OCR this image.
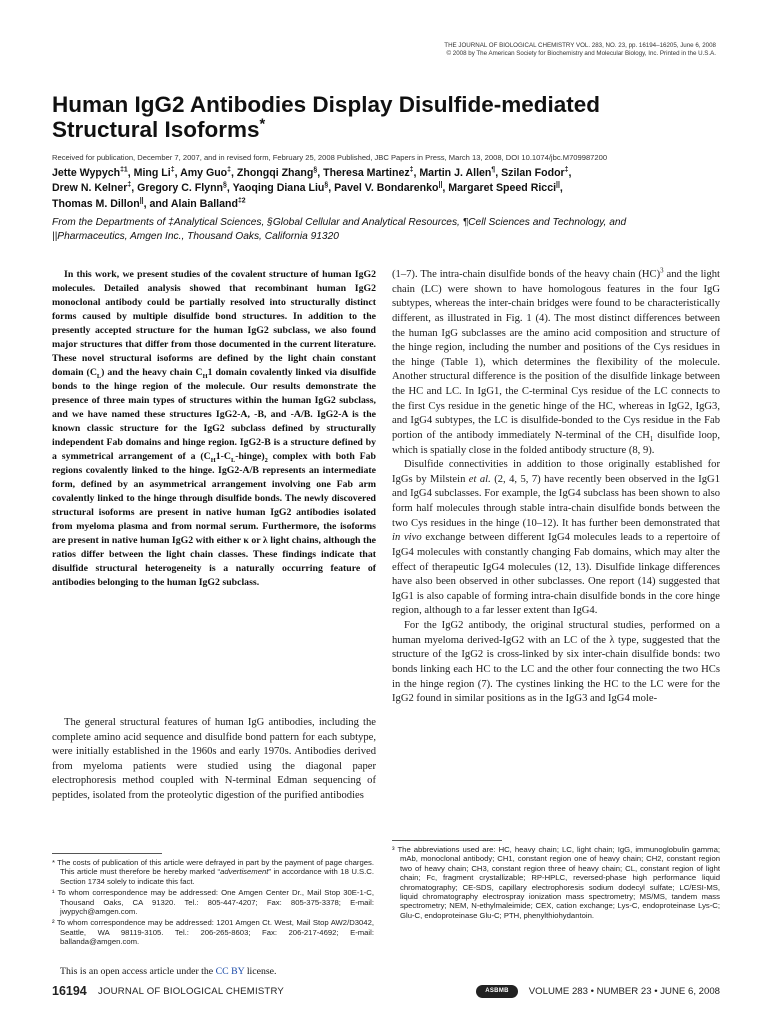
THE JOURNAL OF BIOLOGICAL CHEMISTRY VOL. 283, NO. 23, pp. 16194–16205, June 6, 2008
© 2008 by The American Society for Biochemistry and Molecular Biology, Inc. Printed in the U.S.A.
Human IgG2 Antibodies Display Disulfide-mediated
Structural Isoforms*
Received for publication, December 7, 2007, and in revised form, February 25, 2008 Published, JBC Papers in Press, March 13, 2008, DOI 10.1074/jbc.M709987200
Jette Wypych$^{\ddagger 1}$, Ming Li‡, Amy Guo‡, Zhongqi Zhang§, Theresa Martinez‡, Martin J. Allen¶, Szilan Fodor‡,
Drew N. Kelner‡, Gregory C. Flynn§, Yaoqing Diana Liu§, Pavel V. Bondarenko||, Margaret Speed Ricci||,
Thomas M. Dillon||, and Alain Balland$^{\ddagger 2}$
From the Departments of ‡Analytical Sciences, §Global Cellular and Analytical Resources, ¶Cell Sciences and Technology, and
||Pharmaceutics, Amgen Inc., Thousand Oaks, California 91320

In this work, we present studies of the covalent structure of human IgG2 molecules. Detailed analysis showed that recombinant human IgG2 monoclonal antibody could be partially resolved into structurally distinct forms caused by multiple disulfide bond structures. In addition to the presently accepted structure for the human IgG2 subclass, we also found major structures that differ from those documented in the current literature. These novel structural isoforms are defined by the light chain constant domain $(C_L)$ and the heavy chain $C_H1$ domain covalently linked via disulfide bonds to the hinge region of the molecule. Our results demonstrate the presence of three main types of structures within the human IgG2 subclass, and we have named these structures IgG2-A, -B, and -A/B. IgG2-A is the known classic structure for the IgG2 subclass defined by structurally independent Fab domains and hinge region. IgG2-B is a structure defined by a symmetrical arrangement of a $(C_H1-C_L-hinge)_2$ complex with both Fab regions covalently linked to the hinge. IgG2-A/B represents an intermediate form, defined by an asymmetrical arrangement involving one Fab arm covalently linked to the hinge through disulfide bonds. The newly discovered structural isoforms are present in native human IgG2 antibodies isolated from myeloma plasma and from normal serum. Furthermore, the isoforms are present in native human IgG2 with either κ or λ light chains, although the ratios differ between the light chain classes. These findings indicate that disulfide structural heterogeneity is a naturally occurring feature of antibodies belonging to the human IgG2 subclass.

The general structural features of human IgG antibodies, including the complete amino acid sequence and disulfide bond pattern for each subtype, were initially established in the 1960s and early 1970s. Antibodies derived from myeloma patients were studied using the diagonal paper electrophoresis method coupled with N-terminal Edman sequencing of peptides, isolated from the proteolytic digestion of the purified antibodies

(1–7). The intra-chain disulfide bonds of the heavy chain (HC)$^3$ and the light chain (LC) were shown to have homologous features in the four IgG subtypes, whereas the inter-chain bridges were found to be characteristically different, as illustrated in Fig. 1 (4). The most distinct differences between the human IgG subclasses are the amino acid composition and structure of the hinge region, including the number and positions of the Cys residues in the hinge (Table 1), which determines the flexibility of the molecule. Another structural difference is the position of the disulfide linkage between the HC and LC. In IgG1, the C-terminal Cys residue of the LC connects to the first Cys residue in the genetic hinge of the HC, whereas in IgG2, IgG3, and IgG4 subtypes, the LC is disulfide-bonded to the Cys residue in the Fab portion of the antibody immediately N-terminal of the $CH_1$ disulfide loop, which is spatially close in the folded antibody structure (8, 9).

Disulfide connectivities in addition to those originally established for IgGs by Milstein et al. (2, 4, 5, 7) have recently been observed in the IgG1 and IgG4 subclasses. For example, the IgG4 subclass has been shown to also form half molecules through stable intra-chain disulfide bonds between the two Cys residues in the hinge (10–12). It has further been demonstrated that in vivo exchange between different IgG4 molecules leads to a repertoire of IgG4 molecules with constantly changing Fab domains, which may alter the effect of therapeutic IgG4 molecules (12, 13). Disulfide linkage differences have also been observed in other subclasses. One report (14) suggested that IgG1 is also capable of forming intra-chain disulfide bonds in the core hinge region, although to a far lesser extent than IgG4.

For the IgG2 antibody, the original structural studies, performed on a human myeloma derived-IgG2 with an LC of the λ type, suggested that the structure of the IgG2 is cross-linked by six inter-chain disulfide bonds: two bonds linking each HC to the LC and the other four connecting the two HCs in the hinge region (7). The cystines linking the HC to the LC were for the IgG2 found in similar positions as in the IgG3 and IgG4 mole-

* The costs of publication of this article were defrayed in part by the payment of page charges. This article must therefore be hereby marked “advertisement” in accordance with 18 U.S.C. Section 1734 solely to indicate this fact.

¹ To whom correspondence may be addressed: One Amgen Center Dr., Mail Stop 30E-1-C, Thousand Oaks, CA 91320. Tel.: 805-447-4207; Fax: 805-375-3378; E-mail: jwypych@amgen.com.

² To whom correspondence may be addressed: 1201 Amgen Ct. West, Mail Stop AW2/D3042, Seattle, WA 98119-3105. Tel.: 206-265-8603; Fax: 206-217-4692; E-mail: ballanda@amgen.com.

³ The abbreviations used are: HC, heavy chain; LC, light chain; IgG, immunoglobulin gamma; mAb, monoclonal antibody; CH1, constant region one of heavy chain; CH2, constant region two of heavy chain; CH3, constant region three of heavy chain; CL, constant region of light chain; Fc, fragment crystallizable; RP-HPLC, reversed-phase high performance liquid chromatography; CE-SDS, capillary electrophoresis sodium dodecyl sulfate; LC/ESI-MS, liquid chromatography electrospray ionization mass spectrometry; MS/MS, tandem mass spectrometry; NEM, N-ethylmaleimide; CEX, cation exchange; Lys-C, endoproteinase Lys-C; Glu-C, endoproteinase Glu-C; PTH, phenylthiohydantoin.

This is an open access article under the CC BY license.
16194 JOURNAL OF BIOLOGICAL CHEMISTRY	ASBMB	VOLUME 283 • NUMBER 23 • JUNE 6, 2008
